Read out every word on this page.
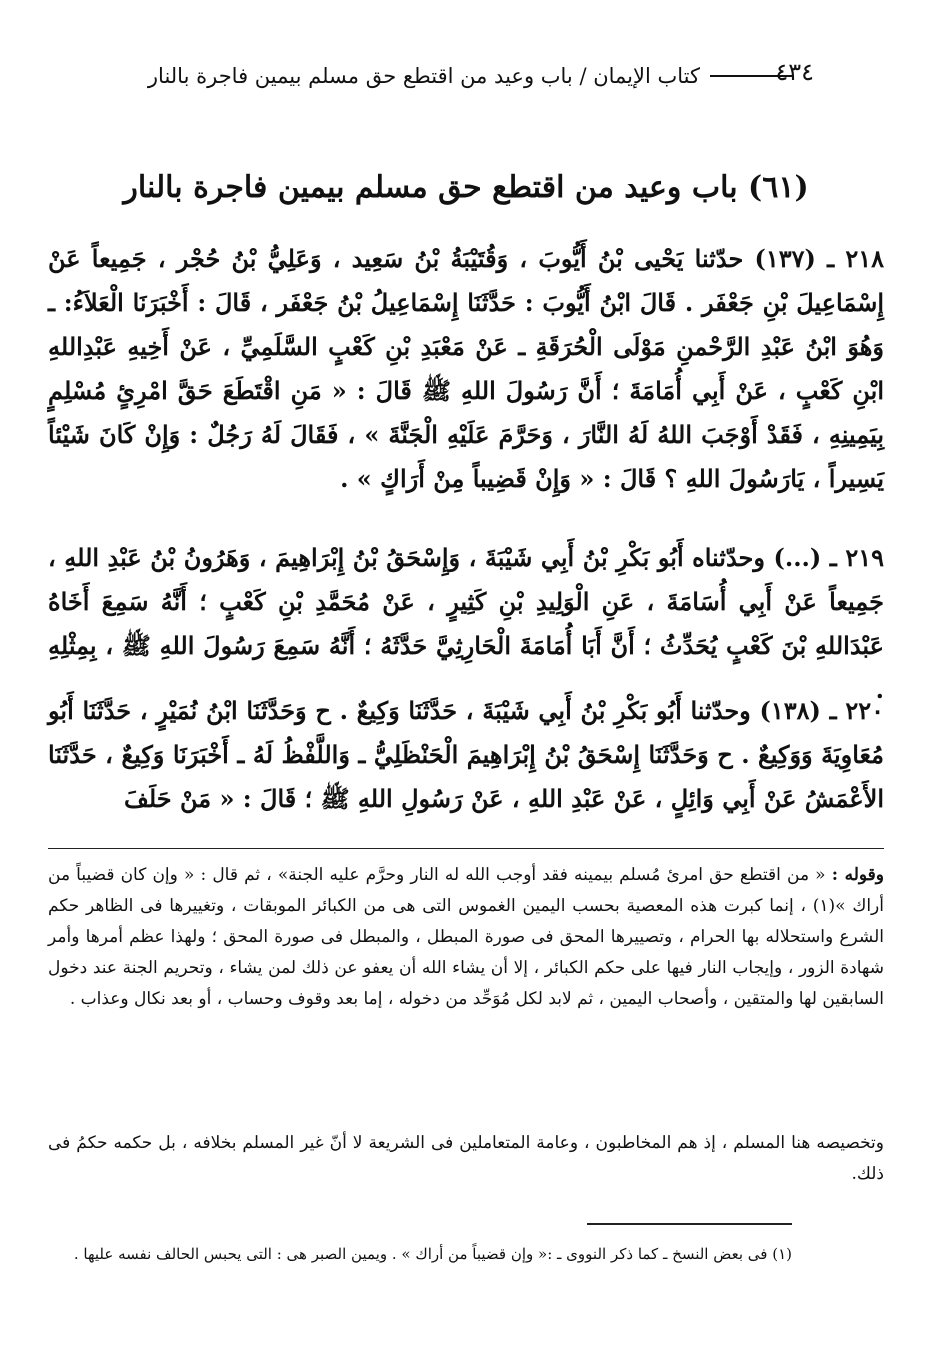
٤٣٤
كتاب الإيمان / باب وعيد من اقتطع حق مسلم بيمين فاجرة بالنار
(٦١) باب وعيد من اقتطع حق مسلم بيمين فاجرة بالنار
٢١٨ ـ (١٣٧) حدّثنا يَحْيى بْنُ أَيُّوبَ ، وَقُتَيْبَةُ بْنُ سَعِيد ، وَعَلِيُّ بْنُ حُجْر ، جَمِيعاً عَنْ إِسْمَاعِيلَ بْنِ جَعْفَر . قَالَ ابْنُ أَيُّوبَ : حَدَّثَنَا إِسْمَاعِيلُ بْنُ جَعْفَر ، قَالَ : أَخْبَرَنَا الْعَلاَءُ: ـ وَهُوَ ابْنُ عَبْدِ الرَّحْمنِ مَوْلَى الْحُرَقَةِ ـ عَنْ مَعْبَدِ بْنِ كَعْبٍ السَّلَمِيِّ ، عَنْ أَخِيهِ عَبْدِاللهِ ابْنِ كَعْبٍ ، عَنْ أَبِي أُمَامَةَ ؛ أَنَّ رَسُولَ اللهِ ﷺ قَالَ : « مَنِ اقْتَطَعَ حَقَّ امْرِئٍ مُسْلِمٍ بِيَمِينِهِ ، فَقَدْ أَوْجَبَ اللهُ لَهُ النَّارَ ، وَحَرَّمَ عَلَيْهِ الْجَنَّةَ » ، فَقَالَ لَهُ رَجُلٌ : وَإِنْ كَانَ شَيْئاً يَسِيراً ، يَارَسُولَ اللهِ ؟ قَالَ : « وَإِنْ قَضِيباً مِنْ أَرَاكٍ » .
٢١٩ ـ (...) وحدّثناه أَبُو بَكْرِ بْنُ أَبِي شَيْبَةَ ، وَإِسْحَقُ بْنُ إِبْرَاهِيمَ ، وَهَرُونُ بْنُ عَبْدِ اللهِ ، جَمِيعاً عَنْ أَبِي أُسَامَةَ ، عَنِ الْوَلِيدِ بْنِ كَثِيرٍ ، عَنْ مُحَمَّدِ بْنِ كَعْبٍ ؛ أَنَّهُ سَمِعَ أَخَاهُ عَبْدَاللهِ بْنَ كَعْبٍ يُحَدِّثُ ؛ أَنَّ أَبَا أُمَامَةَ الْحَارِثِيَّ حَدَّثَهُ ؛ أَنَّهُ سَمِعَ رَسُولَ اللهِ ﷺ ، بِمِثْلِهِ .
٢٢٠ ـ (١٣٨) وحدّثنا أَبُو بَكْرِ بْنُ أَبِي شَيْبَةَ ، حَدَّثَنَا وَكِيعٌ . ح وَحَدَّثَنَا ابْنُ نُمَيْرٍ ، حَدَّثَنَا أَبُو مُعَاوِيَةَ وَوَكِيعٌ . ح وَحَدَّثَنَا إِسْحَقُ بْنُ إِبْرَاهِيمَ الْحَنْظَلِيُّ ـ وَاللَّفْظُ لَهُ ـ أَخْبَرَنَا وَكِيعٌ ، حَدَّثَنَا الأَعْمَشُ عَنْ أَبِي وَائِلٍ ، عَنْ عَبْدِ اللهِ ، عَنْ رَسُولِ اللهِ ﷺ ؛ قَالَ : « مَنْ حَلَفَ
وقوله : « من اقتطع حق امرئ مُسلم بيمينه فقد أوجب الله له النار وحرَّم عليه الجنة» ، ثم قال : « وإن كان قضيباً من أراك »(١) ، إنما كبرت هذه المعصية بحسب اليمين الغموس التى هى من الكبائر الموبقات ، وتغييرها فى الظاهر حكم الشرع واستحلاله بها الحرام ، وتصييرها المحق فى صورة المبطل ، والمبطل فى صورة المحق ؛ ولهذا عظم أمرها وأمر شهادة الزور ، وإيجاب النار فيها على حكم الكبائر ، إلا أن يشاء الله أن يعفو عن ذلك لمن يشاء ، وتحريم الجنة عند دخول السابقين لها والمتقين ، وأصحاب اليمين ، ثم لابد لكل مُوَحِّد من دخوله ، إما بعد وقوف وحساب ، أو بعد نكال وعذاب .
وتخصيصه هنا المسلم ، إذ هم المخاطبون ، وعامة المتعاملين فى الشريعة لا أنّ غير المسلم بخلافه ، بل حكمه حكمُ فى ذلك.
(١) فى بعض النسخ ـ كما ذكر النووى ـ :« وإن قضيباً من أراك » . ويمين الصبر هى : التى يحبس الحالف نفسه عليها .
